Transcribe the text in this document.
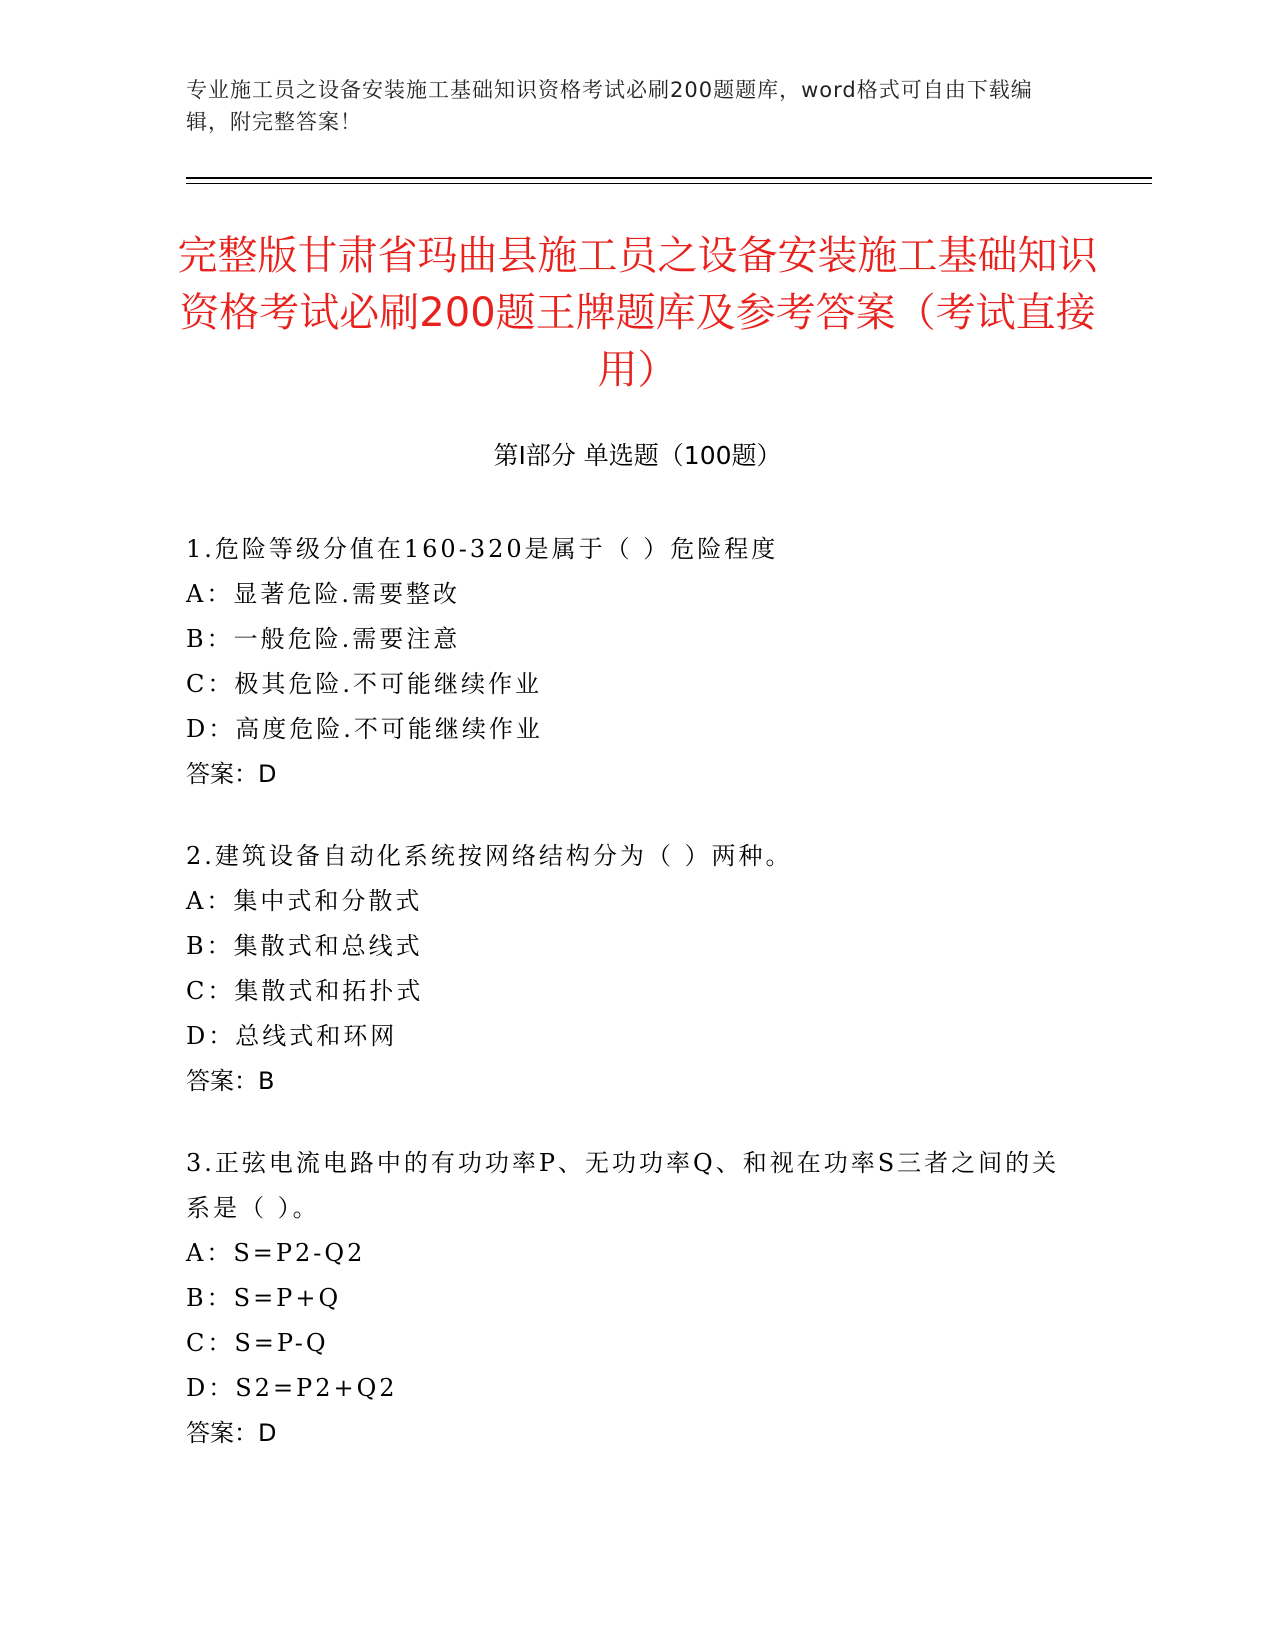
专业施工员之设备安装施工基础知识资格考试必刷200题题库，word格式可自由下载编辑，附完整答案！
完整版甘肃省玛曲县施工员之设备安装施工基础知识资格考试必刷200题王牌题库及参考答案（考试直接用）
第Ⅰ部分 单选题（100题）
1.危险等级分值在160-320是属于（ ）危险程度
A：显著危险.需要整改
B：一般危险.需要注意
C：极其危险.不可能继续作业
D：高度危险.不可能继续作业
答案：D
2.建筑设备自动化系统按网络结构分为（ ）两种。
A：集中式和分散式
B：集散式和总线式
C：集散式和拓扑式
D：总线式和环网
答案：B
3.正弦电流电路中的有功功率P、无功功率Q、和视在功率S三者之间的关系是（ ）。
A：S=P2-Q2
B：S=P+Q
C：S=P-Q
D：S2=P2+Q2
答案：D
